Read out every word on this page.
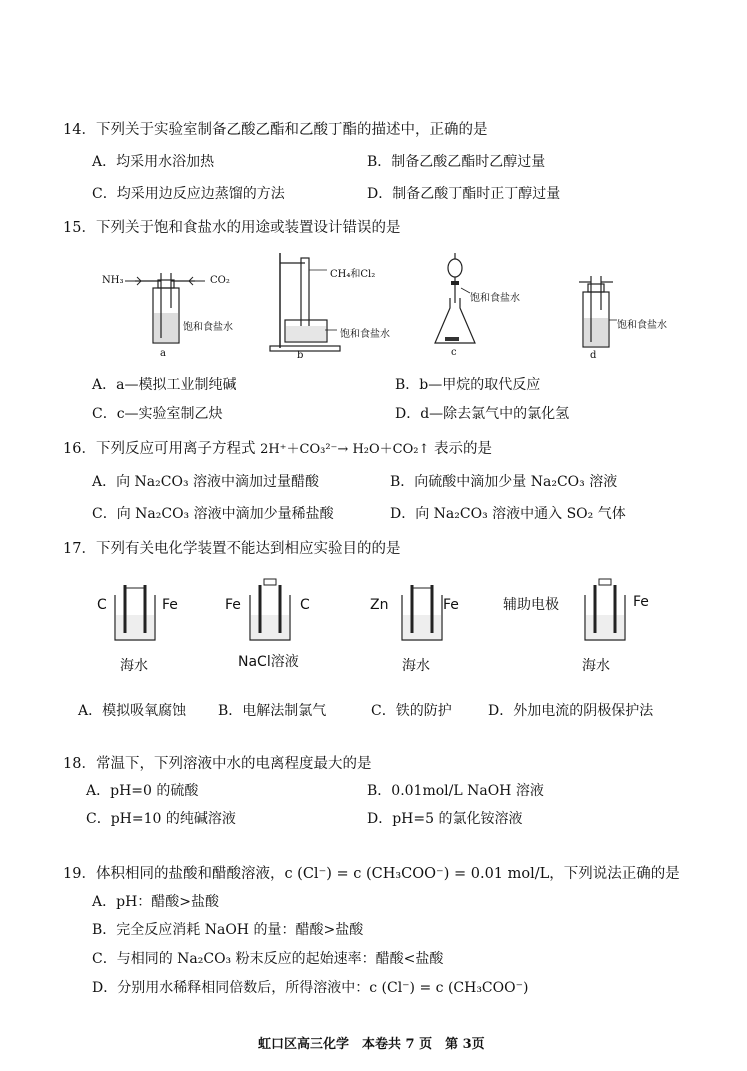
14．下列关于实验室制备乙酸乙酯和乙酸丁酯的描述中，正确的是
A．均采用水浴加热	B．制备乙酸乙酯时乙醇过量
C．均采用边反应边蒸馏的方法	D．制备乙酸丁酯时正丁醇过量
15．下列关于饱和食盐水的用途或装置设计错误的是
NH₃	CO₂
饱和食盐水
a
CH₄和Cl₂
饱和食盐水
b
饱和食盐水
c
饱和食盐水
d
A．a—模拟工业制纯碱	B．b—甲烷的取代反应
C．c—实验室制乙炔	D．d—除去氯气中的氯化氢
16．下列反应可用离子方程式 2H⁺＋CO₃²⁻→ H₂O＋CO₂↑ 表示的是
A．向 Na₂CO₃ 溶液中滴加过量醋酸	B．向硫酸中滴加少量 Na₂CO₃ 溶液
C．向 Na₂CO₃ 溶液中滴加少量稀盐酸	D．向 Na₂CO₃ 溶液中通入 SO₂ 气体
17．下列有关电化学装置不能达到相应实验目的的是
C	Fe
海水
Fe	C
NaCl溶液
Zn	Fe
海水
辅助电极	Fe
海水
A．模拟吸氧腐蚀 B．电解法制氯气	C．铁的防护	D．外加电流的阴极保护法
18．常温下，下列溶液中水的电离程度最大的是
A．pH=0 的硫酸	B．0.01mol/L NaOH 溶液
C．pH=10 的纯碱溶液	D．pH=5 的氯化铵溶液
19．体积相同的盐酸和醋酸溶液，c (Cl⁻) = c (CH₃COO⁻) = 0.01 mol/L，下列说法正确的是
A．pH：醋酸>盐酸
B．完全反应消耗 NaOH 的量：醋酸>盐酸
C．与相同的 Na₂CO₃ 粉末反应的起始速率：醋酸<盐酸
D．分别用水稀释相同倍数后，所得溶液中：c (Cl⁻) = c (CH₃COO⁻)
虹口区高三化学　本卷共 7 页　第 3页
